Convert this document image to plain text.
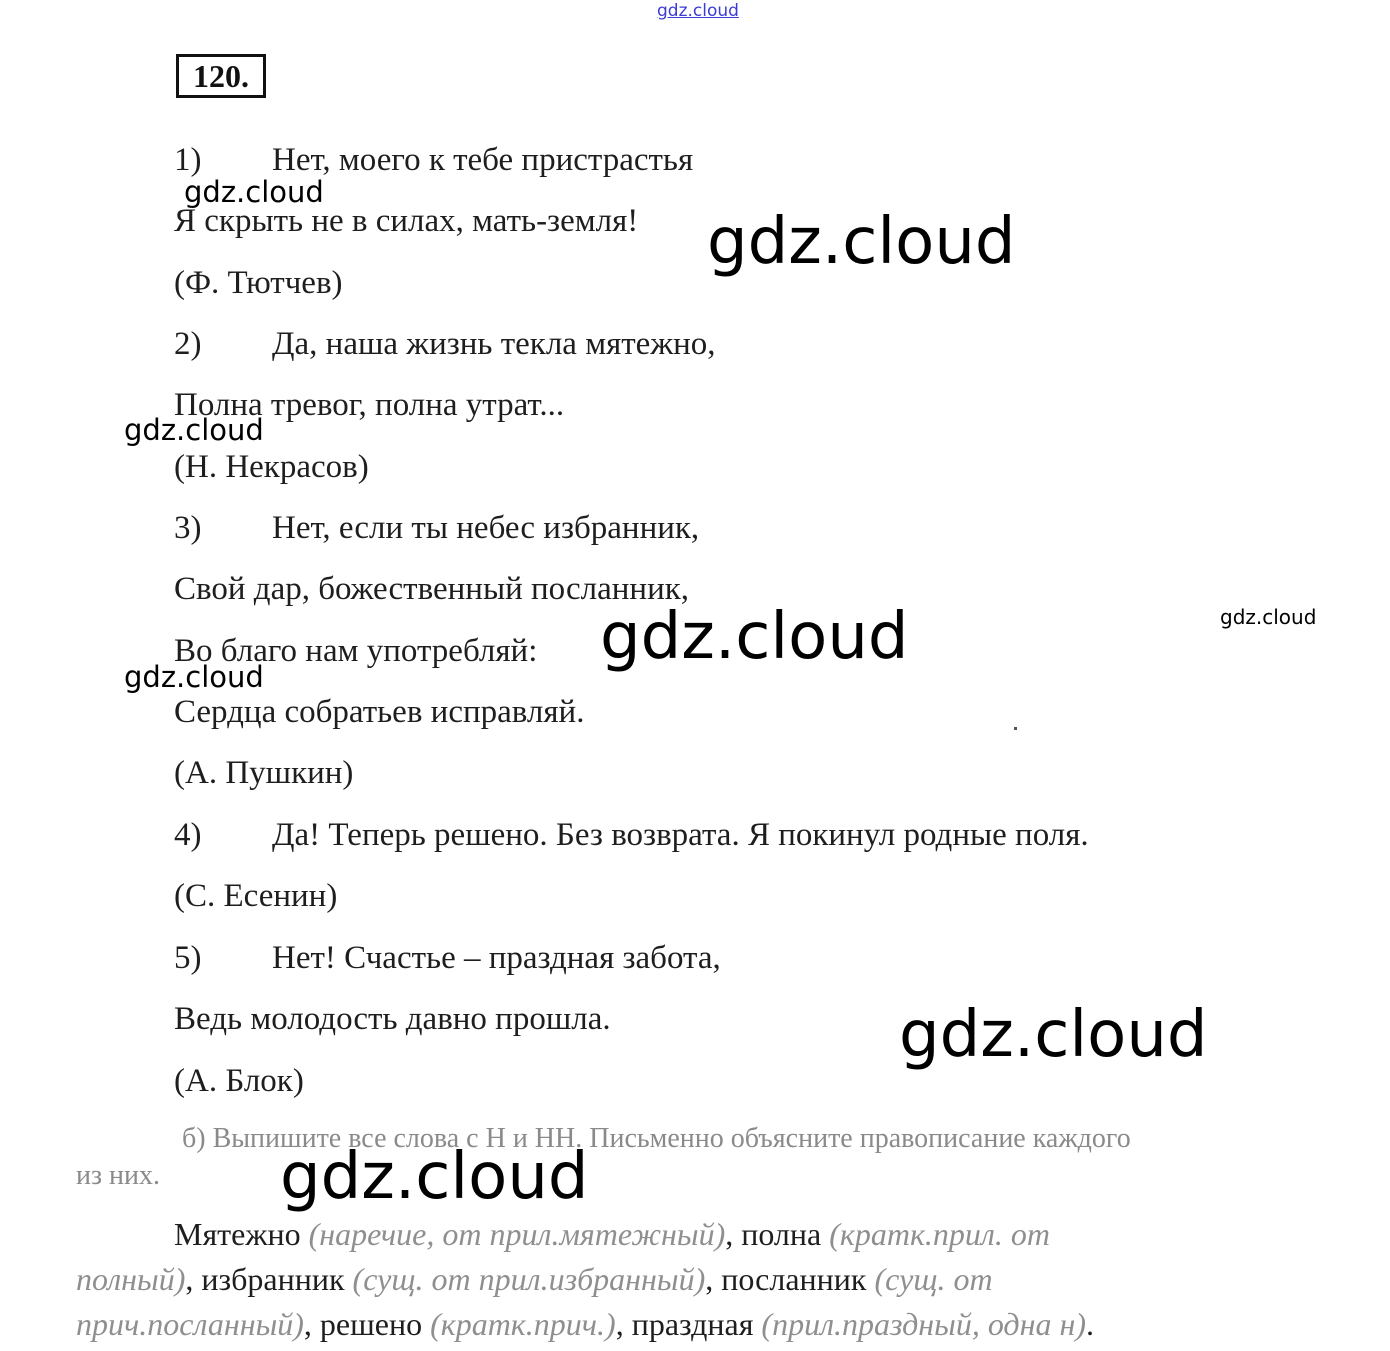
gdz.cloud
120.
1) Нет, моего к тебе пристрастья
Я скрыть не в силах, мать-земля!
(Ф. Тютчев)
2) Да, наша жизнь текла мятежно,
Полна тревог, полна утрат...
(Н. Некрасов)
3) Нет, если ты небес избранник,
Свой дар, божественный посланник,
Во благо нам употребляй:
Сердца собратьев исправляй.
(А. Пушкин)
4) Да! Теперь решено. Без возврата. Я покинул родные поля.
(С. Есенин)
5) Нет! Счастье – праздная забота,
Ведь молодость давно прошла.
(А. Блок)
б) Выпишите все слова с Н и НН. Письменно объясните правописание каждого
из них.
Мятежно (наречие, от прил.мятежный), полна (кратк.прил. от
полный), избранник (сущ. от прил.избранный), посланник (сущ. от
прич.посланный), решено (кратк.прич.), праздная (прил.праздный, одна н).
gdz.cloud
gdz.cloud
gdz.cloud
gdz.cloud	gdz.cloud
gdz.cloud
gdz.cloud
gdz.cloud
